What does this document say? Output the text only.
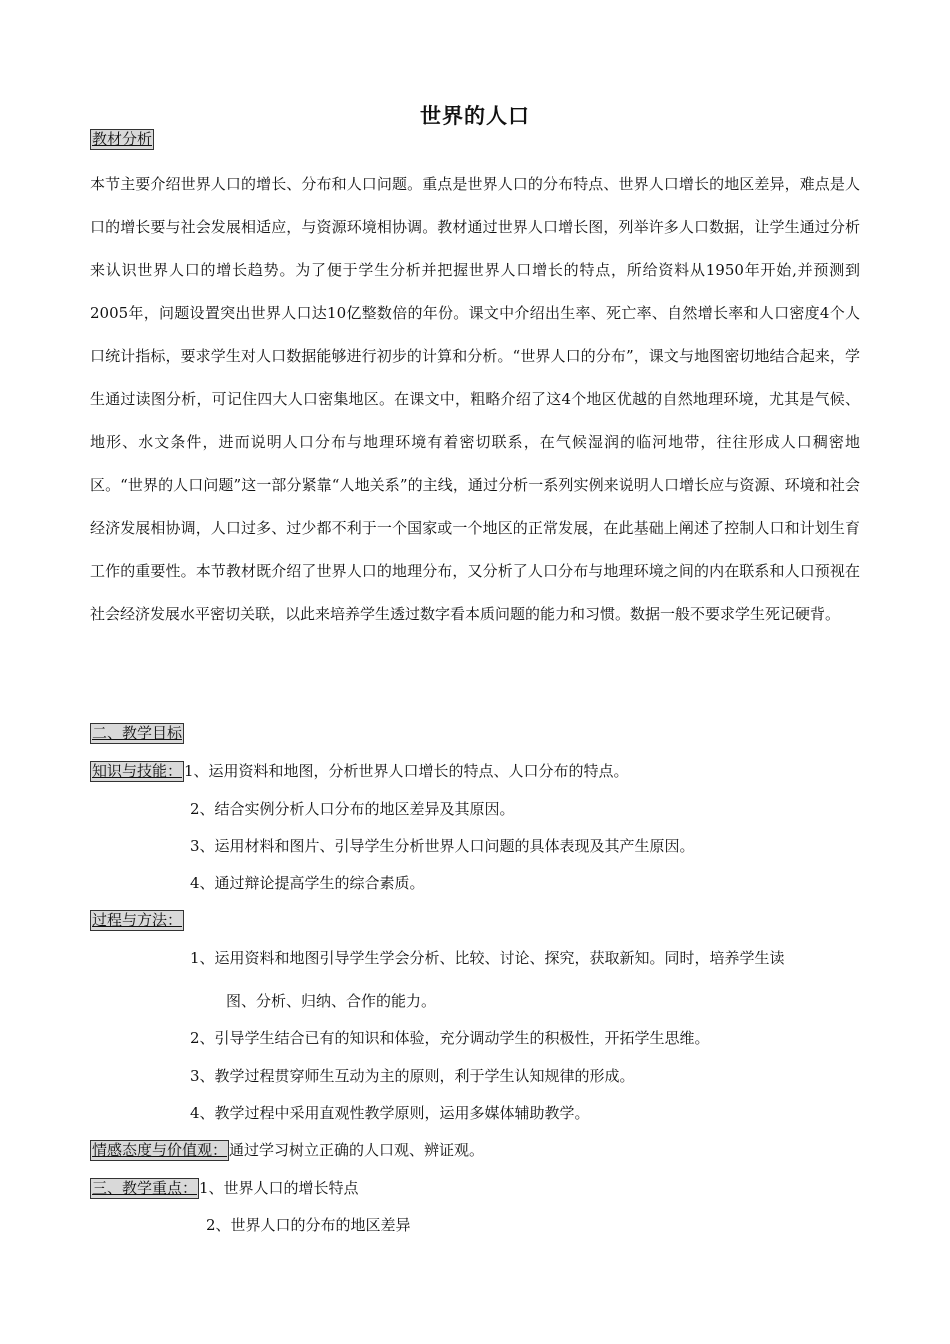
世界的人口
教材分析

本节主要介绍世界人口的增长、分布和人口问题。重点是世界人口的分布特点、世界人口增长的地区差异，难点是人口的增长要与社会发展相适应，与资源环境相协调。教材通过世界人口增长图，列举许多人口数据，让学生通过分析来认识世界人口的增长趋势。为了便于学生分析并把握世界人口增长的特点，所给资料从1950年开始,并预测到2005年，问题设置突出世界人口达10亿整数倍的年份。课文中介绍出生率、死亡率、自然增长率和人口密度4个人口统计指标，要求学生对人口数据能够进行初步的计算和分析。“世界人口的分布”，课文与地图密切地结合起来，学生通过读图分析，可记住四大人口密集地区。在课文中，粗略介绍了这4个地区优越的自然地理环境，尤其是气候、地形、水文条件，进而说明人口分布与地理环境有着密切联系，在气候湿润的临河地带，往往形成人口稠密地区。“世界的人口问题”这一部分紧靠“人地关系”的主线，通过分析一系列实例来说明人口增长应与资源、环境和社会经济发展相协调，人口过多、过少都不利于一个国家或一个地区的正常发展，在此基础上阐述了控制人口和计划生育工作的重要性。本节教材既介绍了世界人口的地理分布，又分析了人口分布与地理环境之间的内在联系和人口预视在社会经济发展水平密切关联，以此来培养学生透过数字看本质问题的能力和习惯。数据一般不要求学生死记硬背。

二、教学目标
知识与技能： 1、运用资料和地图，分析世界人口增长的特点、人口分布的特点。
2、结合实例分析人口分布的地区差异及其原因。
3、运用材料和图片、引导学生分析世界人口问题的具体表现及其产生原因。
4、通过辩论提高学生的综合素质。
过程与方法：
1、运用资料和地图引导学生学会分析、比较、讨论、探究，获取新知。同时，培养学生读
图、分析、归纳、合作的能力。
2、引导学生结合已有的知识和体验，充分调动学生的积极性，开拓学生思维。
3、教学过程贯穿师生互动为主的原则，利于学生认知规律的形成。
4、教学过程中采用直观性教学原则，运用多媒体辅助教学。
情感态度与价值观： 通过学习树立正确的人口观、辨证观。
三、教学重点： 1、世界人口的增长特点
2、世界人口的分布的地区差异
